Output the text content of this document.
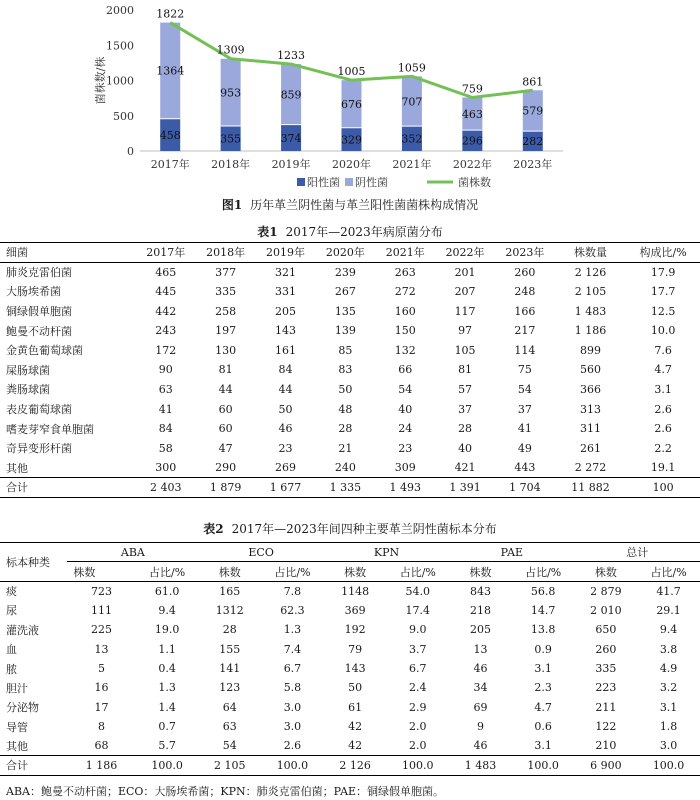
0
500
1000
1500
2000
菌株数/株
458
1364
2017年
355
953
2018年
374
859
2019年
329
676
2020年
352
707
2021年
296
463
2022年
282
579
2023年
1822
1309	1233
1005	1059
759
861
阳性菌 阴性菌	菌株数
图1 历年革兰阴性菌与革兰阳性菌菌株构成情况
表1 2017年—2023年病原菌分布
细菌	2017年	2018年	2019年	2020年	2021年	2022年	2023年	株数量	构成比/%
肺炎克雷伯菌	465	377	321	239	263	201	260	2 126	17.9
大肠埃希菌	445	335	331	267	272	207	248	2 105	17.7
铜绿假单胞菌	442	258	205	135	160	117	166	1 483	12.5
鲍曼不动杆菌	243	197	143	139	150	97	217	1 186	10.0
金黄色葡萄球菌	172	130	161	85	132	105	114	899	7.6
屎肠球菌	90	81	84	83	66	81	75	560	4.7
粪肠球菌	63	44	44	50	54	57	54	366	3.1
表皮葡萄球菌	41	60	50	48	40	37	37	313	2.6
嗜麦芽窄食单胞菌	84	60	46	28	24	28	41	311	2.6
奇异变形杆菌	58	47	23	21	23	40	49	261	2.2
其他	300	290	269	240	309	421	443	2 272	19.1
合计	2 403	1 879	1 677	1 335	1 493	1 391	1 704	11 882	100
表2 2017年—2023年间四种主要革兰阴性菌标本分布
标本种类	ABA		ECO		KPN		PAE		总计	
	株数	占比/%	株数	占比/%	株数	占比/%	株数	占比/%	株数	占比/%
痰	723	61.0	165	7.8	1148	54.0	843	56.8	2 879	41.7
尿	111	9.4	1312	62.3	369	17.4	218	14.7	2 010	29.1
灌洗液	225	19.0	28	1.3	192	9.0	205	13.8	650	9.4
血	13	1.1	155	7.4	79	3.7	13	0.9	260	3.8
脓	5	0.4	141	6.7	143	6.7	46	3.1	335	4.9
胆汁	16	1.3	123	5.8	50	2.4	34	2.3	223	3.2
分泌物	17	1.4	64	3.0	61	2.9	69	4.7	211	3.1
导管	8	0.7	63	3.0	42	2.0	9	0.6	122	1.8
其他	68	5.7	54	2.6	42	2.0	46	3.1	210	3.0
合计	1 186	100.0	2 105	100.0	2 126	100.0	1 483	100.0	6 900	100.0
ABA：鲍曼不动杆菌；ECO：大肠埃希菌；KPN：肺炎克雷伯菌；PAE：铜绿假单胞菌。
